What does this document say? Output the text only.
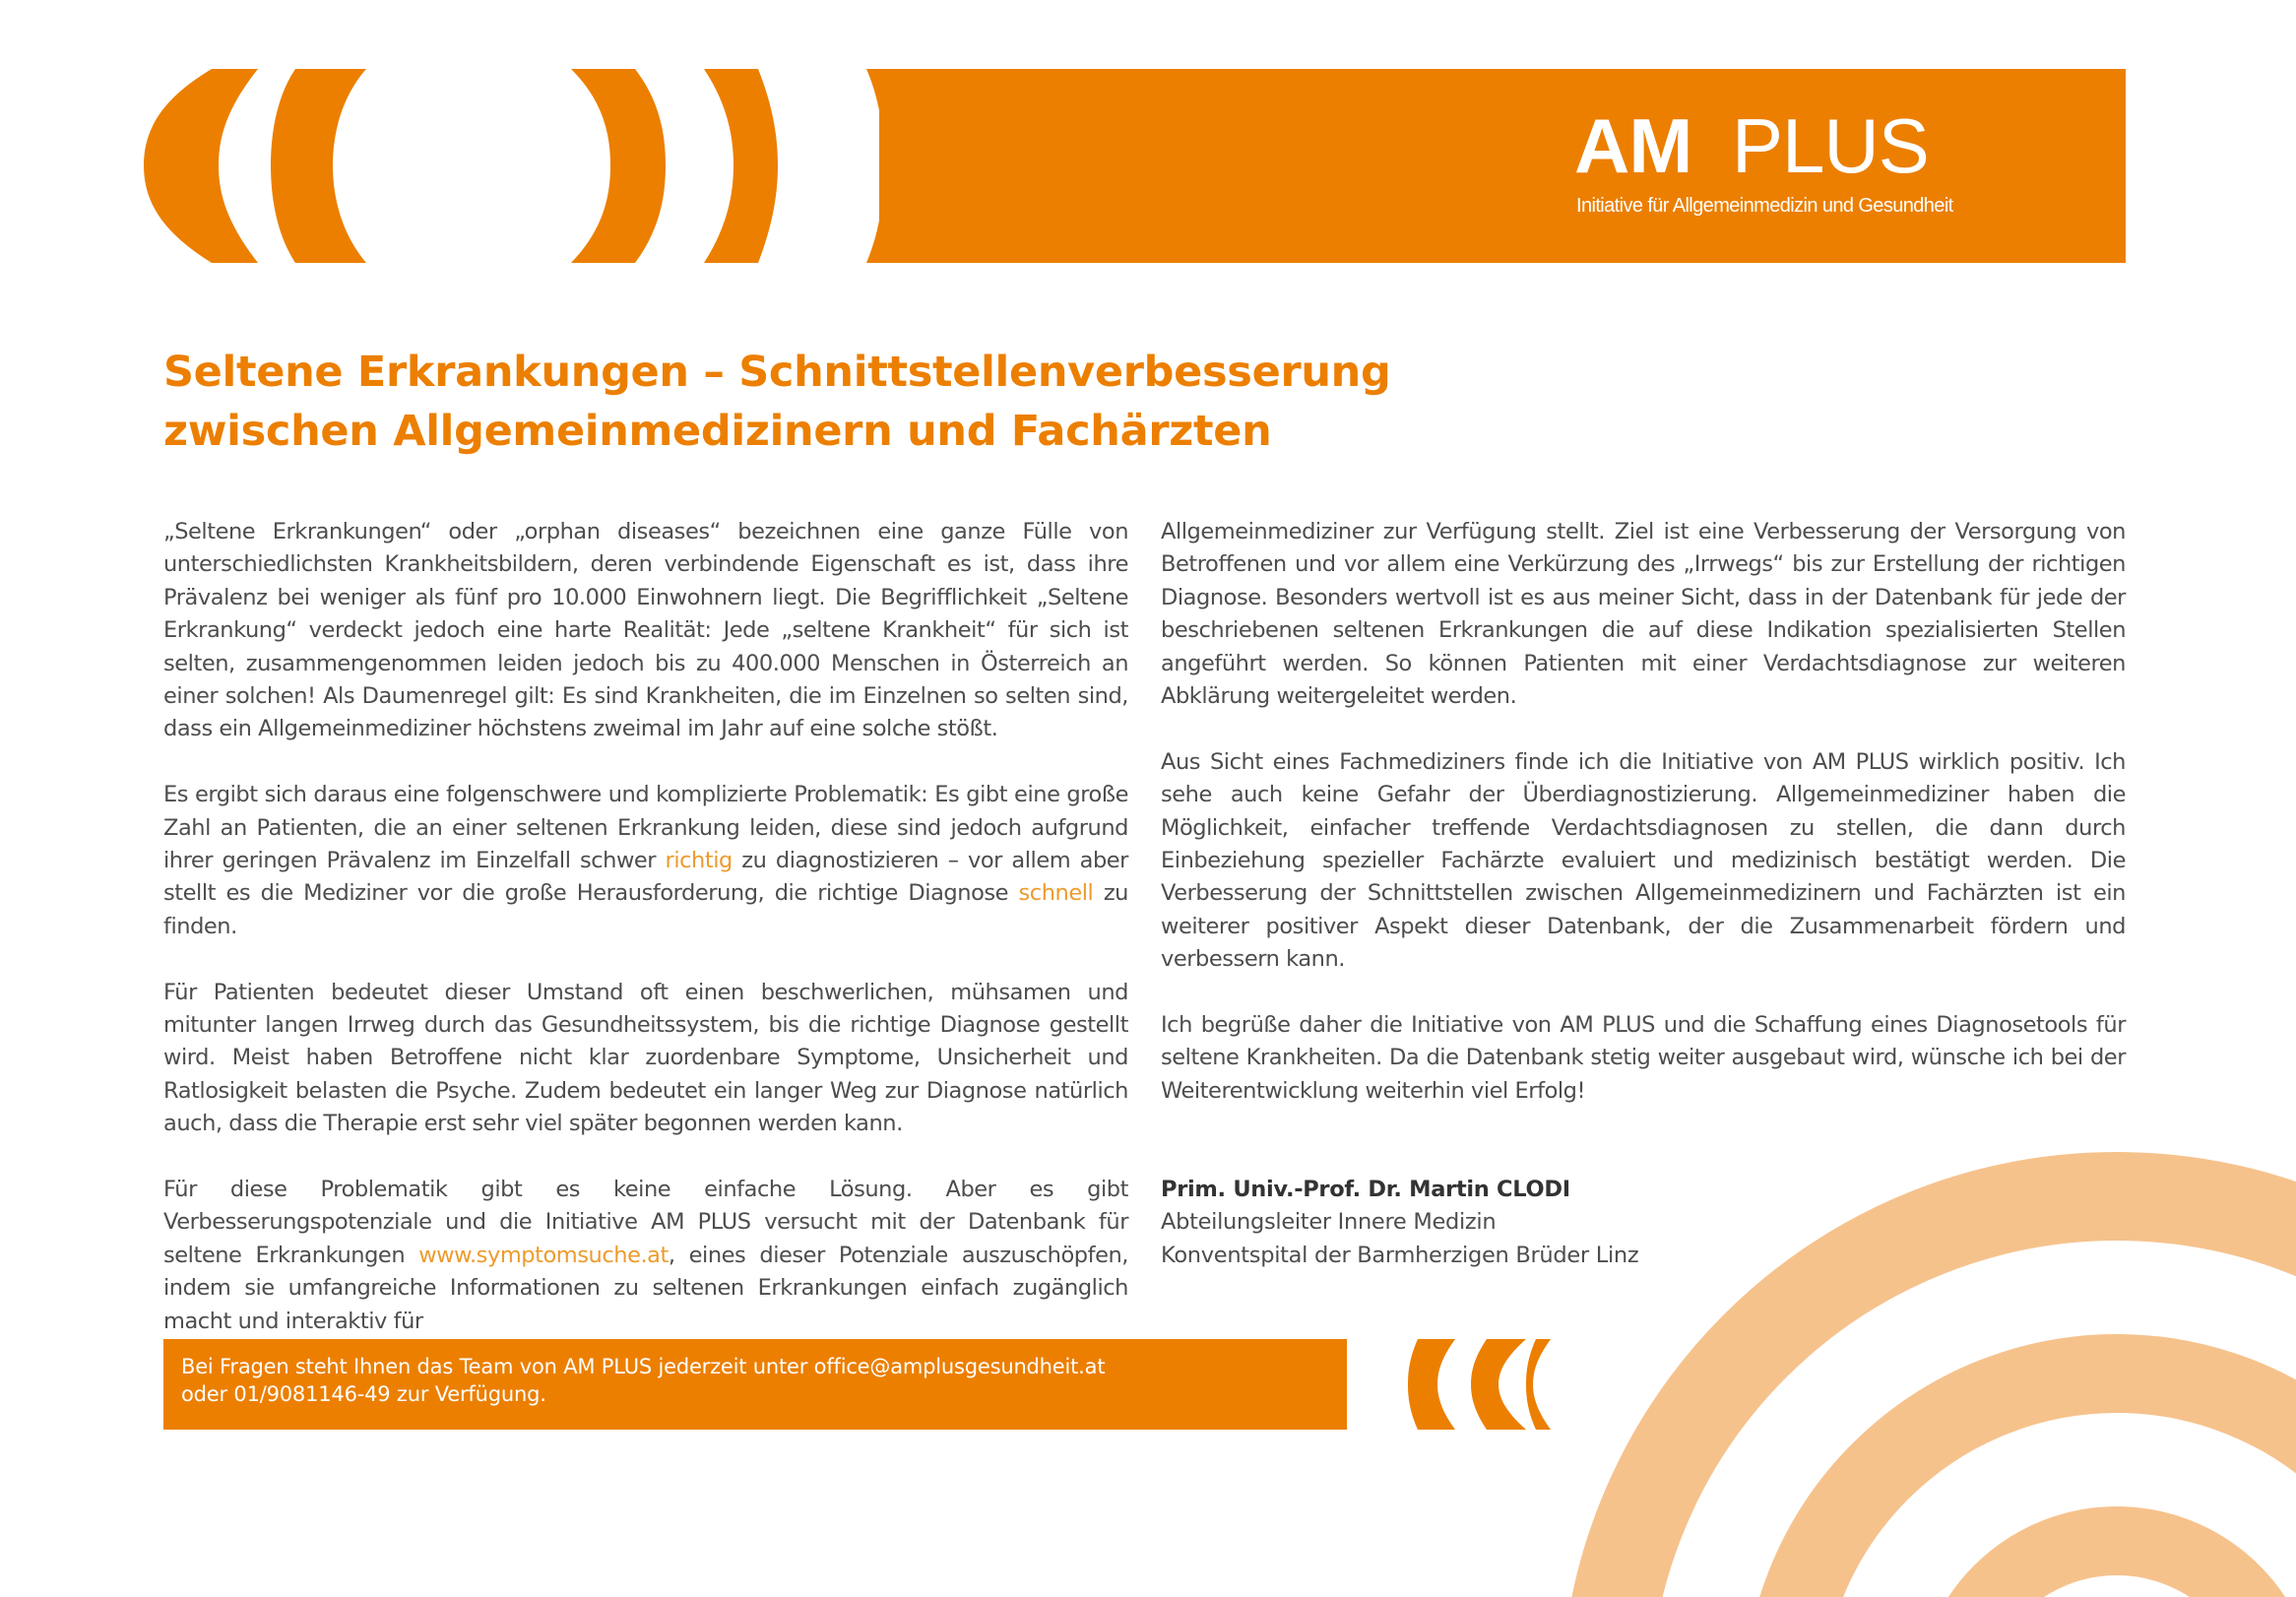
AM PLUS
Initiative für Allgemeinmedizin und Gesundheit
Seltene Erkrankungen – Schnittstellenverbesserung
zwischen Allgemeinmedizinern und Fachärzten

„Seltene Erkrankungen“ oder „orphan diseases“ bezeichnen eine ganze Fülle von unterschiedlichsten Krankheitsbildern, deren verbindende Eigenschaft es ist, dass ihre Prävalenz bei weniger als fünf pro 10.000 Einwohnern liegt. Die Begrifflichkeit „Seltene Erkrankung“ verdeckt jedoch eine harte Realität: Jede „seltene Krankheit“ für sich ist selten, zusammengenommen leiden jedoch bis zu 400.000 Menschen in Österreich an einer solchen! Als Daumenregel gilt: Es sind Krankheiten, die im Einzelnen so selten sind, dass ein Allgemeinmediziner höchstens zweimal im Jahr auf eine solche stößt.

Es ergibt sich daraus eine folgenschwere und komplizierte Problematik: Es gibt eine große Zahl an Patienten, die an einer seltenen Erkrankung leiden, diese sind jedoch aufgrund ihrer geringen Prävalenz im Einzelfall schwer richtig zu diagnostizieren – vor allem aber stellt es die Mediziner vor die große Herausforderung, die richtige Diagnose schnell zu finden.

Für Patienten bedeutet dieser Umstand oft einen beschwerlichen, mühsamen und mitunter langen Irrweg durch das Gesundheitssystem, bis die richtige Diagnose gestellt wird. Meist haben Betroffene nicht klar zuordenbare Symptome, Unsicherheit und Ratlosigkeit belasten die Psyche. Zudem bedeutet ein langer Weg zur Diagnose natürlich auch, dass die Therapie erst sehr viel später begonnen werden kann.

Für diese Problematik gibt es keine einfache Lösung. Aber es gibt Verbesserungspotenziale und die Initiative AM PLUS versucht mit der Datenbank für seltene Erkrankungen www.symptomsuche.at, eines dieser Potenziale auszuschöpfen, indem sie umfangreiche Informationen zu seltenen Erkrankungen einfach zugänglich macht und interaktiv für

Allgemeinmediziner zur Verfügung stellt. Ziel ist eine Verbesserung der Versorgung von Betroffenen und vor allem eine Verkürzung des „Irrwegs“ bis zur Erstellung der richtigen Diagnose. Besonders wertvoll ist es aus meiner Sicht, dass in der Datenbank für jede der beschriebenen seltenen Erkrankungen die auf diese Indikation spezialisierten Stellen angeführt werden. So können Patienten mit einer Verdachtsdiagnose zur weiteren Abklärung weitergeleitet werden.

Aus Sicht eines Fachmediziners finde ich die Initiative von AM PLUS wirklich positiv. Ich sehe auch keine Gefahr der Überdiagnostizierung. Allgemeinmediziner haben die Möglichkeit, einfacher treffende Verdachtsdiagnosen zu stellen, die dann durch Einbeziehung spezieller Fachärzte evaluiert und medizinisch bestätigt werden. Die Verbesserung der Schnittstellen zwischen Allgemeinmedizinern und Fachärzten ist ein weiterer positiver Aspekt dieser Datenbank, der die Zusammenarbeit fördern und verbessern kann.

Ich begrüße daher die Initiative von AM PLUS und die Schaffung eines Diagnosetools für seltene Krankheiten. Da die Datenbank stetig weiter ausgebaut wird, wünsche ich bei der Weiterentwicklung weiterhin viel Erfolg!

Prim. Univ.-Prof. Dr. Martin CLODI
Abteilungsleiter Innere Medizin
Konventspital der Barmherzigen Brüder Linz
Bei Fragen steht Ihnen das Team von AM PLUS jederzeit unter office@amplusgesundheit.at
oder 01/9081146-49 zur Verfügung.
